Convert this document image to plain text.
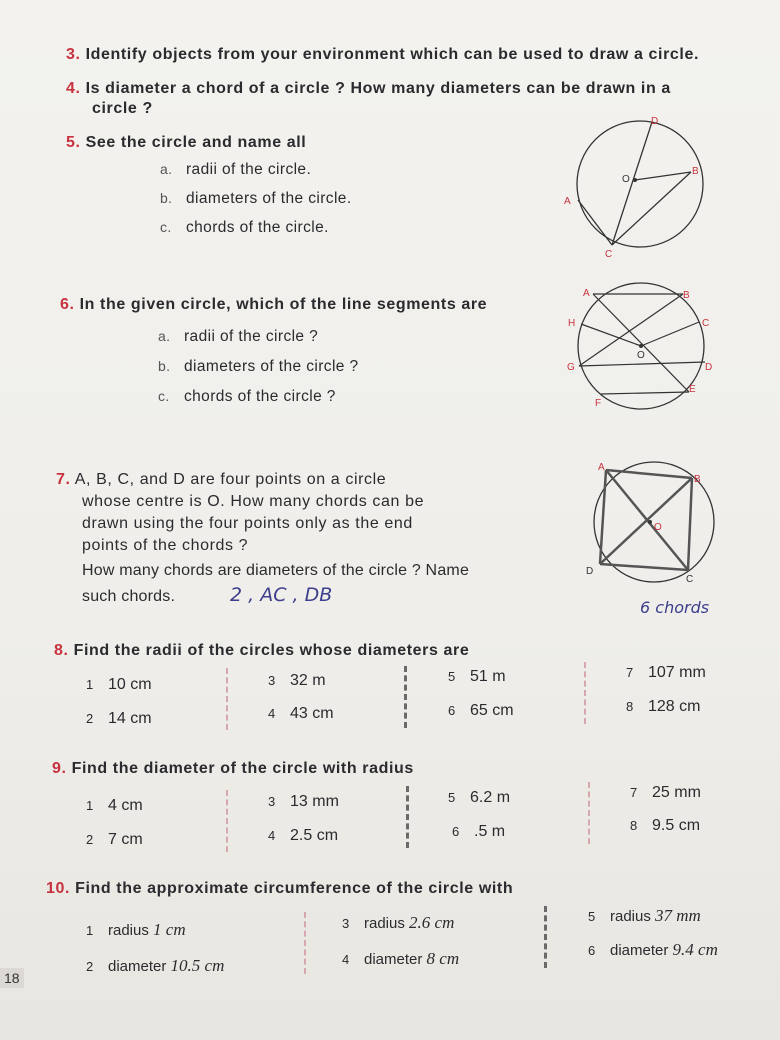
3. Identify objects from your environment which can be used to draw a circle.
4. Is diameter a chord of a circle ? How many diameters can be drawn in a
circle ?
5. See the circle and name all
a. radii of the circle.
b. diameters of the circle.
c. chords of the circle.
D
O
B
A
C
6. In the given circle, which of the line segments are
a. radii of the circle ?
b. diameters of the circle ?
c. chords of the circle ?
A	B
H	C
O
G	D
E
F
7. A, B, C, and D are four points on a circle
whose centre is O. How many chords can be
drawn using the four points only as the end
points of the chords ?
How many chords are diameters of the circle ? Name
such chords.	2 , AC , DB
6 chords
A
B
O
D
C
8. Find the radii of the circles whose diameters are
1 10 cm	3 32 m	5 51 m	7 107 mm
2 14 cm	4 43 cm	6 65 cm	8 128 cm
9. Find the diameter of the circle with radius
1 4 cm	3 13 mm	5 6.2 m	7 25 mm
2 7 cm	4 2.5 cm	6 .5 m	8 9.5 cm
10. Find the approximate circumference of the circle with
1 radius 1 cm	3 radius 2.6 cm	5 radius 37 mm
2 diameter 10.5 cm	4 diameter 8 cm	6 diameter 9.4 cm
18
